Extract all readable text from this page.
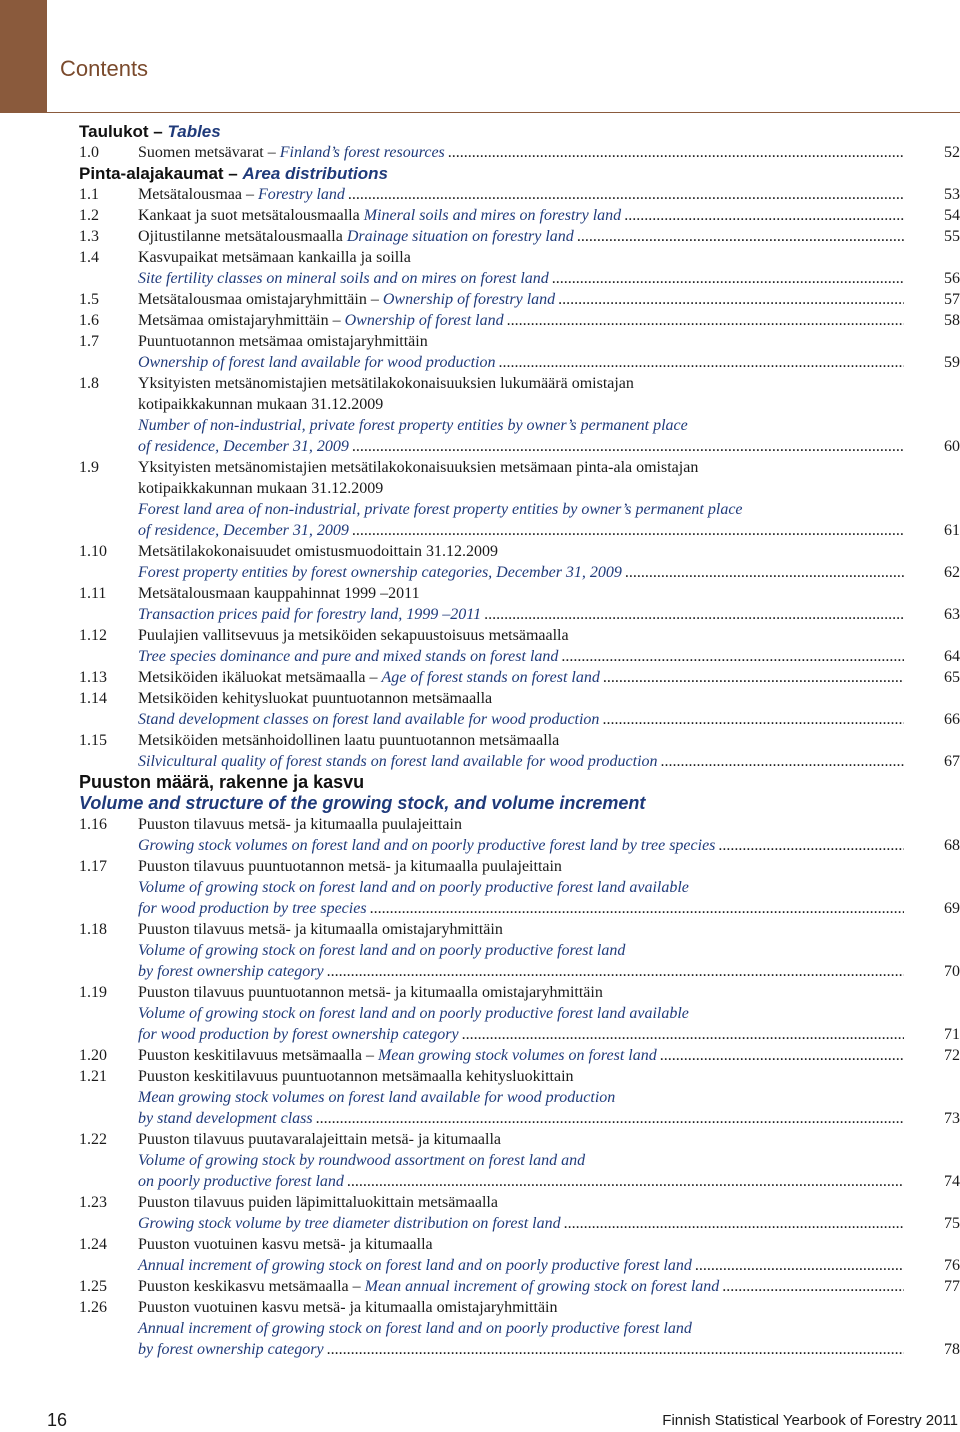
Contents
Taulukot – Tables
1.0	Suomen metsävarat – Finland’s forest resources .....	52
Pinta-alajakaumat – Area distributions
1.1	Metsätalousmaa – Forestry land .....	53
1.2	Kankaat ja suot metsätalousmaalla Mineral soils and mires on forestry land .....	54
1.3	Ojitustilanne metsätalousmaalla Drainage situation on forestry land .....	55
1.4	Kasvupaikat metsämaan kankailla ja soilla
Site fertility classes on mineral soils and on mires on forest land .....	56
1.5	Metsätalousmaa omistajaryhmittäin – Ownership of forestry land .....	57
1.6	Metsämaa omistajaryhmittäin – Ownership of forest land .....	58
1.7	Puuntuotannon metsämaa omistajaryhmittäin
Ownership of forest land available for wood production .....	59
1.8	Yksityisten metsänomistajien metsätilakokonaisuuksien lukumäärä omistajan
kotipaikkakunnan mukaan 31.12.2009
Number of non-industrial, private forest property entities by owner’s permanent place
of residence, December 31, 2009 .....	60
1.9	Yksityisten metsänomistajien metsätilakokonaisuuksien metsämaan pinta-ala omistajan
kotipaikkakunnan mukaan 31.12.2009
Forest land area of non-industrial, private forest property entities by owner’s permanent place
of residence, December 31, 2009 .....	61
1.10	Metsätilakokonaisuudet omistusmuodoittain 31.12.2009
Forest property entities by forest ownership categories, December 31, 2009 .....	62
1.11	Metsätalousmaan kauppahinnat 1999 –2011
Transaction prices paid for forestry land, 1999 –2011 .....	63
1.12	Puulajien vallitsevuus ja metsiköiden sekapuustoisuus metsämaalla
Tree species dominance and pure and mixed stands on forest land .....	64
1.13	Metsiköiden ikäluokat metsämaalla – Age of forest stands on forest land .....	65
1.14	Metsiköiden kehitysluokat puuntuotannon metsämaalla
Stand development classes on forest land available for wood production .....	66
1.15	Metsiköiden metsänhoidollinen laatu puuntuotannon metsämaalla
Silvicultural quality of forest stands on forest land available for wood production .....	67
Puuston määrä, rakenne ja kasvu
Volume and structure of the growing stock, and volume increment
1.16	Puuston tilavuus metsä- ja kitumaalla puulajeittain
Growing stock volumes on forest land and on poorly productive forest land by tree species .....	68
1.17	Puuston tilavuus puuntuotannon metsä- ja kitumaalla puulajeittain
Volume of growing stock on forest land and on poorly productive forest land available
for wood production by tree species .....	69
1.18	Puuston tilavuus metsä- ja kitumaalla omistajaryhmittäin
Volume of growing stock on forest land and on poorly productive forest land
by forest ownership category .....	70
1.19	Puuston tilavuus puuntuotannon metsä- ja kitumaalla omistajaryhmittäin
Volume of growing stock on forest land and on poorly productive forest land available
for wood production by forest ownership category .....	71
1.20	Puuston keskitilavuus metsämaalla – Mean growing stock volumes on forest land .....	72
1.21	Puuston keskitilavuus puuntuotannon metsämaalla kehitysluokittain
Mean growing stock volumes on forest land available for wood production
by stand development class .....	73
1.22	Puuston tilavuus puutavaralajeittain metsä- ja kitumaalla
Volume of growing stock by roundwood assortment on forest land and
on poorly productive forest land .....	74
1.23	Puuston tilavuus puiden läpimittaluokittain metsämaalla
Growing stock volume by tree diameter distribution on forest land .....	75
1.24	Puuston vuotuinen kasvu metsä- ja kitumaalla
Annual increment of growing stock on forest land and on poorly productive forest land .....	76
1.25	Puuston keskikasvu metsämaalla – Mean annual increment of growing stock on forest land .....	77
1.26	Puuston vuotuinen kasvu metsä- ja kitumaalla omistajaryhmittäin
Annual increment of growing stock on forest land and on poorly productive forest land
by forest ownership category .....	78
16	Finnish Statistical Yearbook of Forestry 2011
